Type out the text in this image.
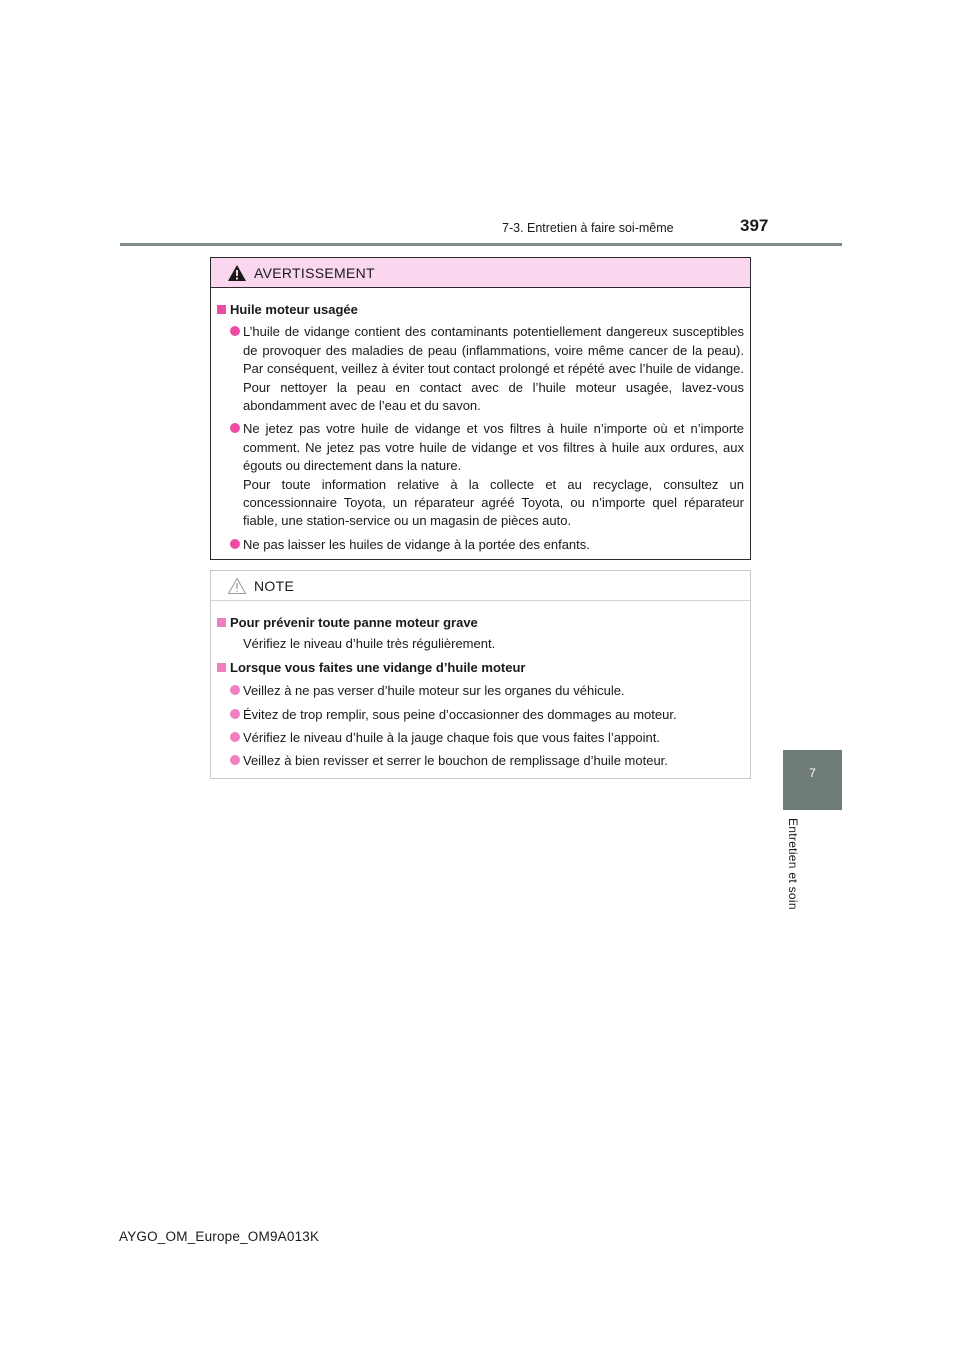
7-3. Entretien à faire soi-même	397
7
Entretien et soin
AVERTISSEMENT
Huile moteur usagée
L’huile de vidange contient des contaminants potentiellement dangereux susceptibles de provoquer des maladies de peau (inflammations, voire même cancer de la peau). Par conséquent, veillez à éviter tout contact prolongé et répété avec l’huile de vidange. Pour nettoyer la peau en contact avec de l’huile moteur usagée, lavez-vous abondamment avec de l’eau et du savon.
Ne jetez pas votre huile de vidange et vos filtres à huile n’importe où et n’importe comment. Ne jetez pas votre huile de vidange et vos filtres à huile aux ordures, aux égouts ou directement dans la nature.
Pour toute information relative à la collecte et au recyclage, consultez un concessionnaire Toyota, un réparateur agréé Toyota, ou n’importe quel réparateur fiable, une station-service ou un magasin de pièces auto.
Ne pas laisser les huiles de vidange à la portée des enfants.
NOTE
Pour prévenir toute panne moteur grave
Vérifiez le niveau d’huile très régulièrement.
Lorsque vous faites une vidange d’huile moteur
Veillez à ne pas verser d’huile moteur sur les organes du véhicule.
Évitez de trop remplir, sous peine d’occasionner des dommages au moteur.
Vérifiez le niveau d’huile à la jauge chaque fois que vous faites l’appoint.
Veillez à bien revisser et serrer le bouchon de remplissage d’huile moteur.
AYGO_OM_Europe_OM9A013K
